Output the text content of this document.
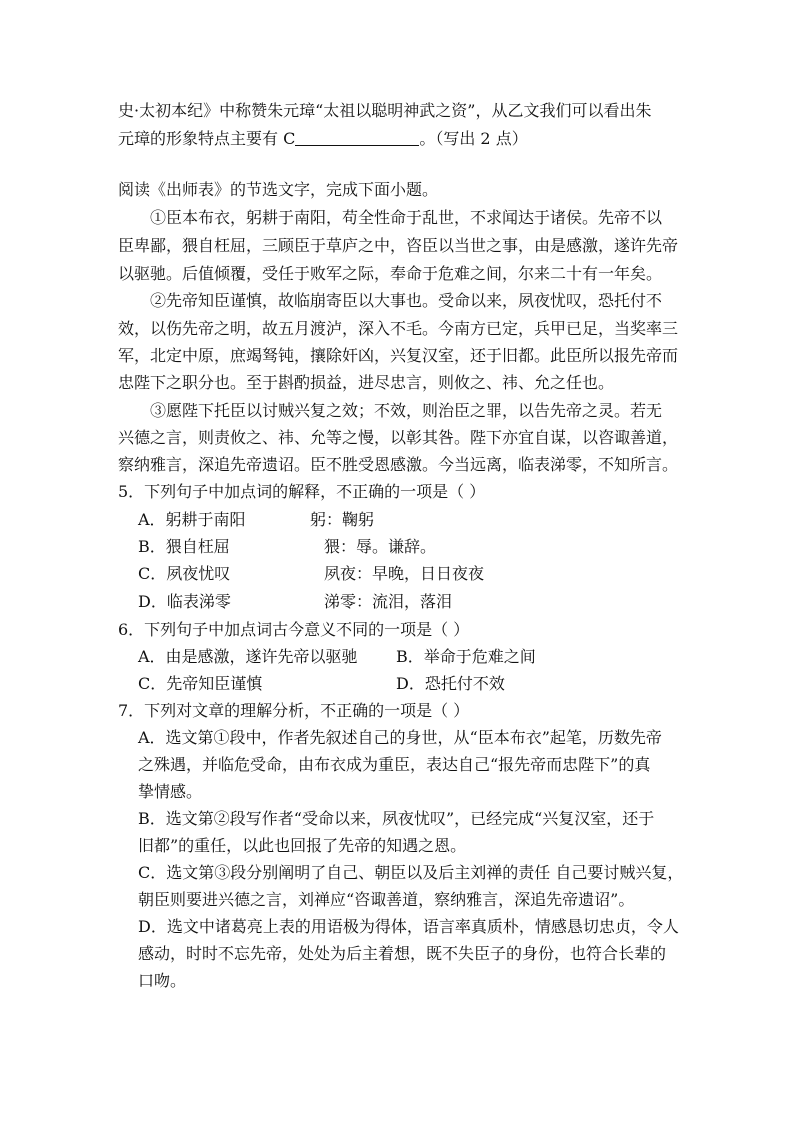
史·太初本纪》中称赞朱元璋“太祖以聪明神武之资”，从乙文我们可以看出朱
元璋的形象特点主要有 C	。（写出 2 点）
阅读《出师表》的节选文字，完成下面小题。
①臣本布衣，躬耕于南阳，苟全性命于乱世，不求闻达于诸侯。先帝不以
臣卑鄙，猥自枉屈，三顾臣于草庐之中，咨臣以当世之事，由是感激，遂许先帝
以驱驰。后值倾覆，受任于败军之际，奉命于危难之间，尔来二十有一年矣。
②先帝知臣谨慎，故临崩寄臣以大事也。受命以来，夙夜忧叹，恐托付不
效，以伤先帝之明，故五月渡泸，深入不毛。今南方已定，兵甲已足，当奖率三
军，北定中原，庶竭驽钝，攘除奸凶，兴复汉室，还于旧都。此臣所以报先帝而
忠陛下之职分也。至于斟酌损益，进尽忠言，则攸之、祎、允之任也。
③愿陛下托臣以讨贼兴复之效；不效，则治臣之罪，以告先帝之灵。若无
兴德之言，则责攸之、祎、允等之慢，以彰其咎。陛下亦宜自谋，以咨诹善道，
察纳雅言，深追先帝遗诏。臣不胜受恩感激。今当远离，临表涕零，不知所言。
5．下列句子中加点词的解释，不正确的一项是（ ）
A．躬耕于南阳	躬：鞠躬
B．猥自枉屈	猥：辱。谦辞。
C．夙夜忧叹	夙夜：早晚，日日夜夜
D．临表涕零	涕零：流泪，落泪
6．下列句子中加点词古今意义不同的一项是（ ）
A．由是感激，遂许先帝以驱驰 B．举命于危难之间
C．先帝知臣谨慎	D．恐托付不效
7．下列对文章的理解分析，不正确的一项是（ ）
A．选文第①段中，作者先叙述自己的身世，从“臣本布衣”起笔，历数先帝
之殊遇，并临危受命，由布衣成为重臣，表达自己“报先帝而忠陛下”的真
挚情感。
B．选文第②段写作者“受命以来，夙夜忧叹”，已经完成“兴复汉室，还于
旧都”的重任，以此也回报了先帝的知遇之恩。
C．选文第③段分别阐明了自己、朝臣以及后主刘禅的责任 自己要讨贼兴复，
朝臣则要进兴德之言，刘禅应“咨诹善道，察纳雅言，深追先帝遗诏”。
D．选文中诸葛亮上表的用语极为得体，语言率真质朴，情感恳切忠贞，令人
感动，时时不忘先帝，处处为后主着想，既不失臣子的身份，也符合长辈的
口吻。
